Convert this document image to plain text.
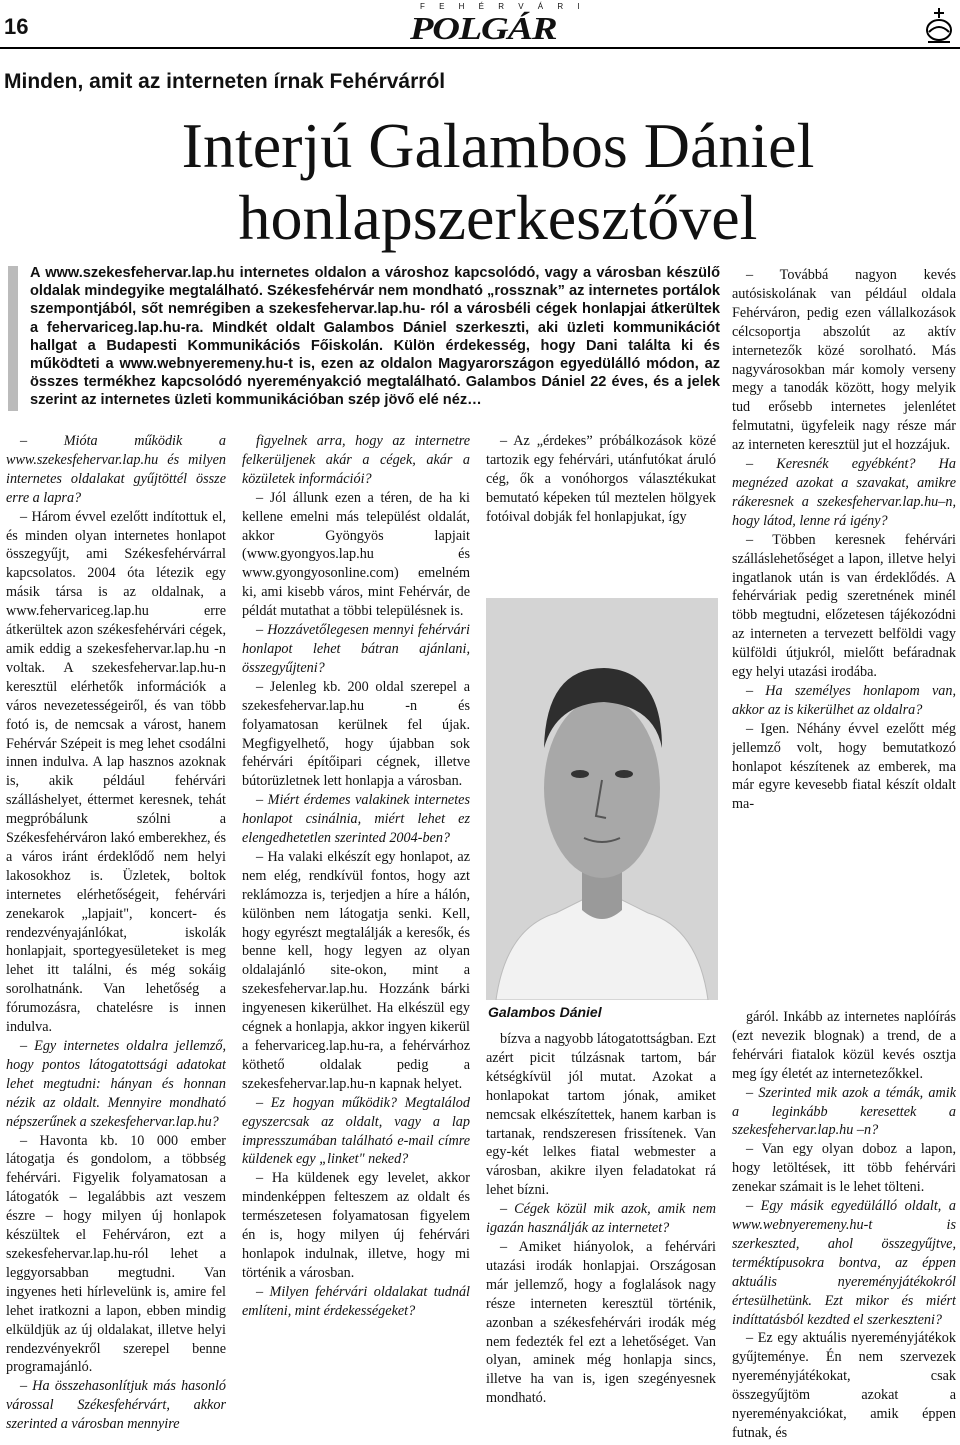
16
F E H É R V Á R I
POLGÁR
Minden, amit az interneten írnak Fehérvárról
Interjú Galambos Dániel honlapszerkesztővel
A www.szekesfehervar.lap.hu internetes oldalon a városhoz kapcsolódó, vagy a városban készülő oldalak mindegyike megtalálható. Székesfehérvár nem mondható „rossznak” az internetes portálok szempontjából, sőt nemrégiben a szekesfehervar.lap.hu- ról a városbéli cégek honlapjai átkerültek a fehervariceg.lap.hu-ra. Mindkét oldalt Galambos Dániel szerkeszti, aki üzleti kommunikációt hallgat a Budapesti Kommunikációs Főiskolán. Külön érdekesség, hogy Dani találta ki és működteti a www.webnyeremeny.hu-t is, ezen az oldalon Magyarországon egyedülálló módon, az összes termékhez kapcsolódó nyereményakció megtalálható. Galambos Dániel 22 éves, és a jelek szerint az internetes üzleti kommunikációban szép jövő elé néz…

– Mióta működik a www.szekesfehervar.lap.hu és milyen internetes oldalakat gyűjtöttél össze erre a lapra?

– Három évvel ezelőtt indítottuk el, és minden olyan internetes honlapot összegyűjt, ami Székesfehérvárral kapcsolatos. 2004 óta létezik egy másik társa is az oldalnak, a www.fehervariceg.lap.hu erre átkerültek azon székesfehérvári cégek, amik eddig a szekesfehervar.lap.hu -n voltak. A szekesfehervar.lap.hu-n keresztül elérhetők információk a város nevezetességeiről, és van több fotó is, de nemcsak a várost, hanem Fehérvár Szépeit is meg lehet csodálni innen indulva. A lap hasznos azoknak is, akik például fehérvári szálláshelyet, éttermet keresnek, tehát megpróbálunk szólni a Székesfehérváron lakó emberekhez, és a város iránt érdeklődő nem helyi lakosokhoz is. Üzletek, boltok internetes elérhetőségeit, fehérvári zenekarok „lapjait", koncert- és rendezvényajánlókat, iskolák honlapjait, sportegyesületeket is meg lehet itt találni, és még sokáig sorolhatnánk. Van lehetőség a fórumozásra, chatelésre is innen indulva.

– Egy internetes oldalra jellemző, hogy pontos látogatottsági adatokat lehet megtudni: hányan és honnan nézik az oldalt. Mennyire mondható népszerűnek a szekesfehervar.lap.hu?

– Havonta kb. 10 000 ember látogatja és gondolom, a többség fehérvári. Figyelik folyamatosan a látogatók – legalábbis azt veszem észre – hogy milyen új honlapok készültek el Fehérváron, ezt a szekesfehervar.lap.hu-ról lehet a leggyorsabban megtudni. Van ingyenes heti hírlevelünk is, amire fel lehet iratkozni a lapon, ebben mindig elküldjük az új oldalakat, illetve helyi rendezvényekről szerepel benne programajánló.

– Ha összehasonlítjuk más hasonló várossal Székesfehérvárt, akkor szerinted a városban mennyire

figyelnek arra, hogy az internetre felkerüljenek akár a cégek, akár a közületek információi?

– Jól állunk ezen a téren, de ha ki kellene emelni más települést oldalát, akkor Gyöngyös lapjait (www.gyongyos.lap.hu és www.gyongyosonline.com) emelném ki, ami kisebb város, mint Fehérvár, de példát mutathat a többi településnek is.

– Hozzávetőlegesen mennyi fehérvári honlapot lehet bátran ajánlani, összegyűjteni?

– Jelenleg kb. 200 oldal szerepel a szekesfehervar.lap.hu -n és folyamatosan kerülnek fel újak. Megfigyelhető, hogy újabban sok fehérvári építőipari cégnek, illetve bútorüzletnek lett honlapja a városban.

– Miért érdemes valakinek internetes honlapot csinálnia, miért lehet ez elengedhetetlen szerinted 2004-ben?

– Ha valaki elkészít egy honlapot, az nem elég, rendkívül fontos, hogy azt reklámozza is, terjedjen a híre a hálón, különben nem látogatja senki. Kell, hogy egyrészt megtalálják a keresők, és benne kell, hogy legyen az olyan oldalajánló site-okon, mint a szekesfehervar.lap.hu. Hozzánk bárki ingyenesen kikerülhet. Ha elkészül egy cégnek a honlapja, akkor ingyen kikerül a fehervariceg.lap.hu-ra, a fehérvárhoz köthető oldalak pedig a szekesfehervar.lap.hu-n kapnak helyet.

– Ez hogyan működik? Megtalálod egyszercsak az oldalt, vagy a lap impresszumában található e-mail címre küldenek egy „linket" neked?

– Ha küldenek egy levelet, akkor mindenképpen felteszem az oldalt és természetesen folyamatosan figyelem én is, hogy milyen új fehérvári honlapok indulnak, illetve, hogy mi történik a városban.

– Milyen fehérvári oldalakat tudnál említeni, mint érdekességeket?

– Az „érdekes” próbálkozások közé tartozik egy fehérvári, utánfutókat áruló cég, ők a vonóhorgos választékukat bemutató képeken túl meztelen hölgyek fotóival dobják fel honlapjukat, így

Galambos Dániel

bízva a nagyobb látogatottságban. Ezt azért picit túlzásnak tartom, bár kétségkívül jól mutat. Azokat a honlapokat tartom jónak, amiket nemcsak elkészítettek, hanem karban is tartanak, rendszeresen frissítenek. Van egy-két lelkes fiatal webmester a városban, akikre ilyen feladatokat rá lehet bízni.

– Cégek közül mik azok, amik nem igazán használják az internetet?

– Amiket hiányolok, a fehérvári utazási irodák honlapjai. Országosan már jellemző, hogy a foglalások nagy része interneten keresztül történik, azonban a székesfehérvári irodák még nem fedezték fel ezt a lehetőséget. Van olyan, aminek még honlapja sincs, illetve ha van is, igen szegényesnek mondható.

– Továbbá nagyon kevés autósiskolának van például oldala Fehérváron, pedig ezen vállalkozások célcsoportja abszolút az aktív internetezők közé sorolható. Más nagyvárosokban már komoly verseny megy a tanodák között, hogy melyik tud erősebb internetes jelenlétet felmutatni, ügyfeleik nagy része már az interneten keresztül jut el hozzájuk.

– Keresnék egyébként? Ha megnézed azokat a szavakat, amikre rákeresnek a szekesfehervar.lap.hu–n, hogy látod, lenne rá igény?

– Többen keresnek fehérvári szálláslehetőséget a lapon, illetve helyi ingatlanok után is van érdeklődés. A fehérváriak pedig szeretnének minél több megtudni, előzetesen tájékozódni az interneten a tervezett belföldi vagy külföldi útjukról, mielőtt befáradnak egy helyi utazási irodába.

– Ha személyes honlapom van, akkor az is kikerülhet az oldalra?

– Igen. Néhány évvel ezelőtt még jellemző volt, hogy bemutatkozó honlapot készítenek az emberek, ma már egyre kevesebb fiatal készít oldalt ma-

gáról. Inkább az internetes naplóírás (ezt nevezik blognak) a trend, de a fehérvári fiatalok közül kevés osztja meg így életét az internetezőkkel.

– Szerinted mik azok a témák, amik a leginkább keresettek a szekesfehervar.lap.hu –n?

– Van egy olyan doboz a lapon, hogy letöltések, itt több fehérvári zenekar számait is le lehet tölteni.

– Egy másik egyedülálló oldalt, a www.webnyeremeny.hu-t is szerkeszted, ahol összegyűjtve, terméktípusokra bontva, az éppen aktuális nyereményjátékokról értesülhetünk. Ezt mikor és miért indíttatásból kezdted el szerkeszteni?

– Ez egy aktuális nyereményjátékok gyűjteménye. Én nem szervezek nyereményjátékokat, csak összegyűjtöm azokat a nyereményakciókat, amik éppen futnak, és
